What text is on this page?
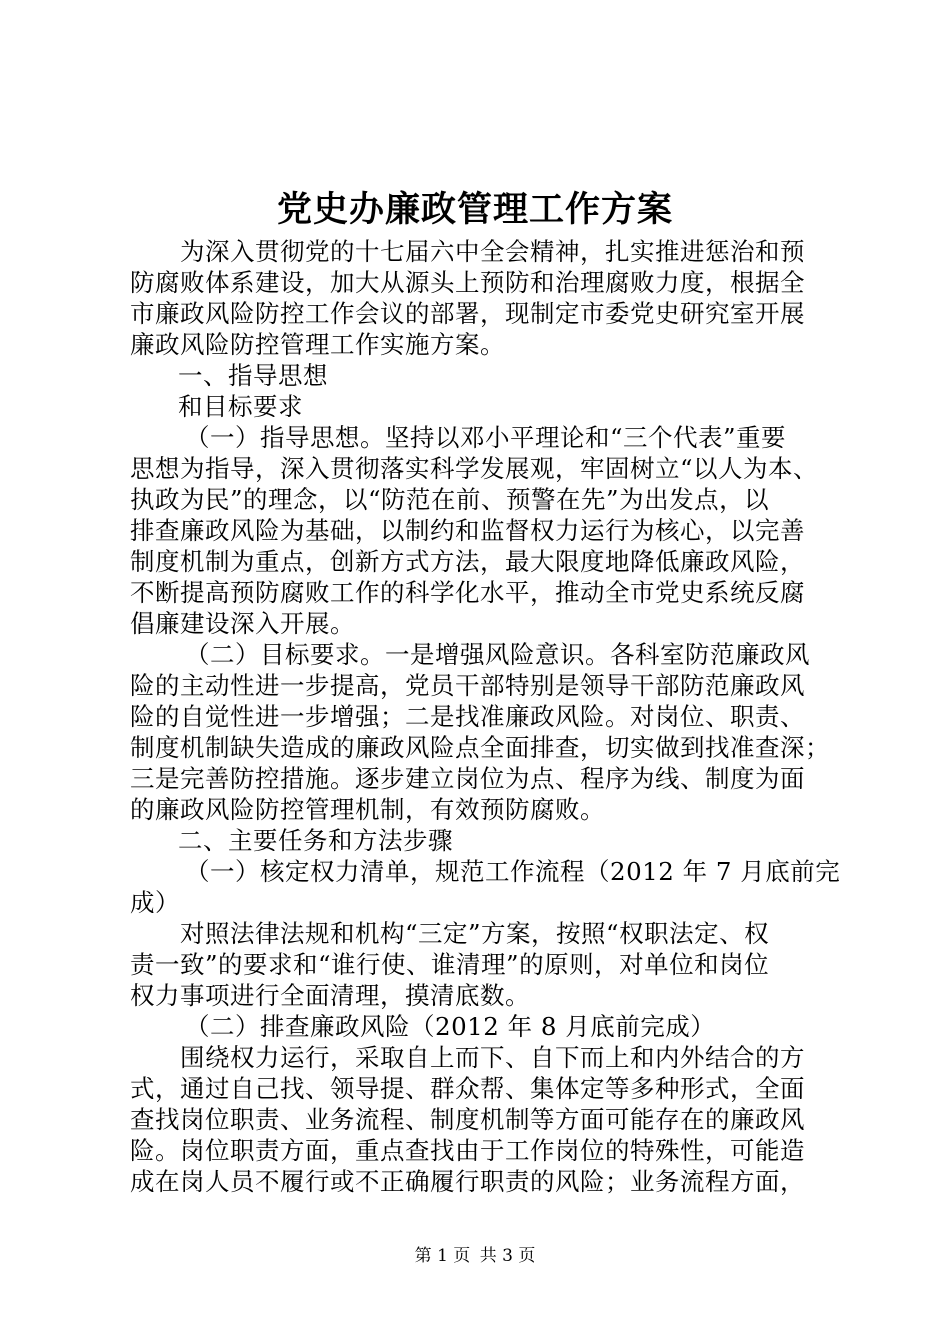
党史办廉政管理工作方案
为深入贯彻党的十七届六中全会精神，扎实推进惩治和预
防腐败体系建设，加大从源头上预防和治理腐败力度，根据全
市廉政风险防控工作会议的部署，现制定市委党史研究室开展
廉政风险防控管理工作实施方案。
一、指导思想
和目标要求
（一）指导思想。坚持以邓小平理论和“三个代表”重要
思想为指导，深入贯彻落实科学发展观，牢固树立“以人为本、
执政为民”的理念，以“防范在前、预警在先”为出发点，以
排查廉政风险为基础，以制约和监督权力运行为核心，以完善
制度机制为重点，创新方式方法，最大限度地降低廉政风险，
不断提高预防腐败工作的科学化水平，推动全市党史系统反腐
倡廉建设深入开展。
（二）目标要求。一是增强风险意识。各科室防范廉政风
险的主动性进一步提高，党员干部特别是领导干部防范廉政风
险的自觉性进一步增强；二是找准廉政风险。对岗位、职责、
制度机制缺失造成的廉政风险点全面排查，切实做到找准查深；
三是完善防控措施。逐步建立岗位为点、程序为线、制度为面
的廉政风险防控管理机制，有效预防腐败。
二、主要任务和方法步骤
（一）核定权力清单，规范工作流程（2012 年 7 月底前完
成）
对照法律法规和机构“三定”方案，按照“权职法定、权
责一致”的要求和“谁行使、谁清理”的原则，对单位和岗位
权力事项进行全面清理，摸清底数。
（二）排查廉政风险（2012 年 8 月底前完成）
围绕权力运行，采取自上而下、自下而上和内外结合的方
式，通过自己找、领导提、群众帮、集体定等多种形式，全面
查找岗位职责、业务流程、制度机制等方面可能存在的廉政风
险。岗位职责方面，重点查找由于工作岗位的特殊性，可能造
成在岗人员不履行或不正确履行职责的风险；业务流程方面，
第 1 页 共 3 页
